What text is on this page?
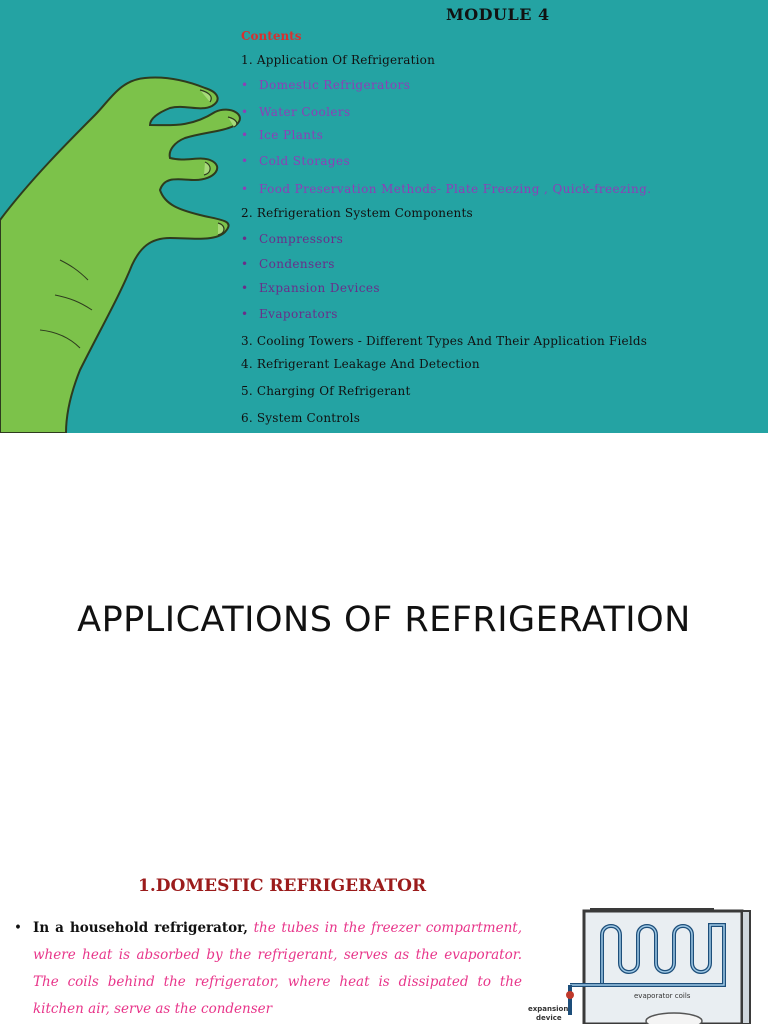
MODULE 4
Contents
1. Application Of Refrigeration
• Domestic Refrigerators
• Water Coolers
• Ice Plants
• Cold Storages
• Food Preservation Methods- Plate Freezing , Quick-freezing.
2. Refrigeration System Components
• Compressors
• Condensers
• Expansion Devices
• Evaporators
3. Cooling Towers - Different Types And Their Application Fields
4. Refrigerant Leakage And Detection
5. Charging Of Refrigerant
6. System Controls
APPLICATIONS OF REFRIGERATION
1.DOMESTIC REFRIGERATOR
• In a household refrigerator, the tubes in the freezer compartment, where heat is absorbed by the refrigerant, serves as the evaporator. The coils behind the refrigerator, where heat is dissipated to the kitchen air, serve as the condenser
evaporator coils
expansion
device
